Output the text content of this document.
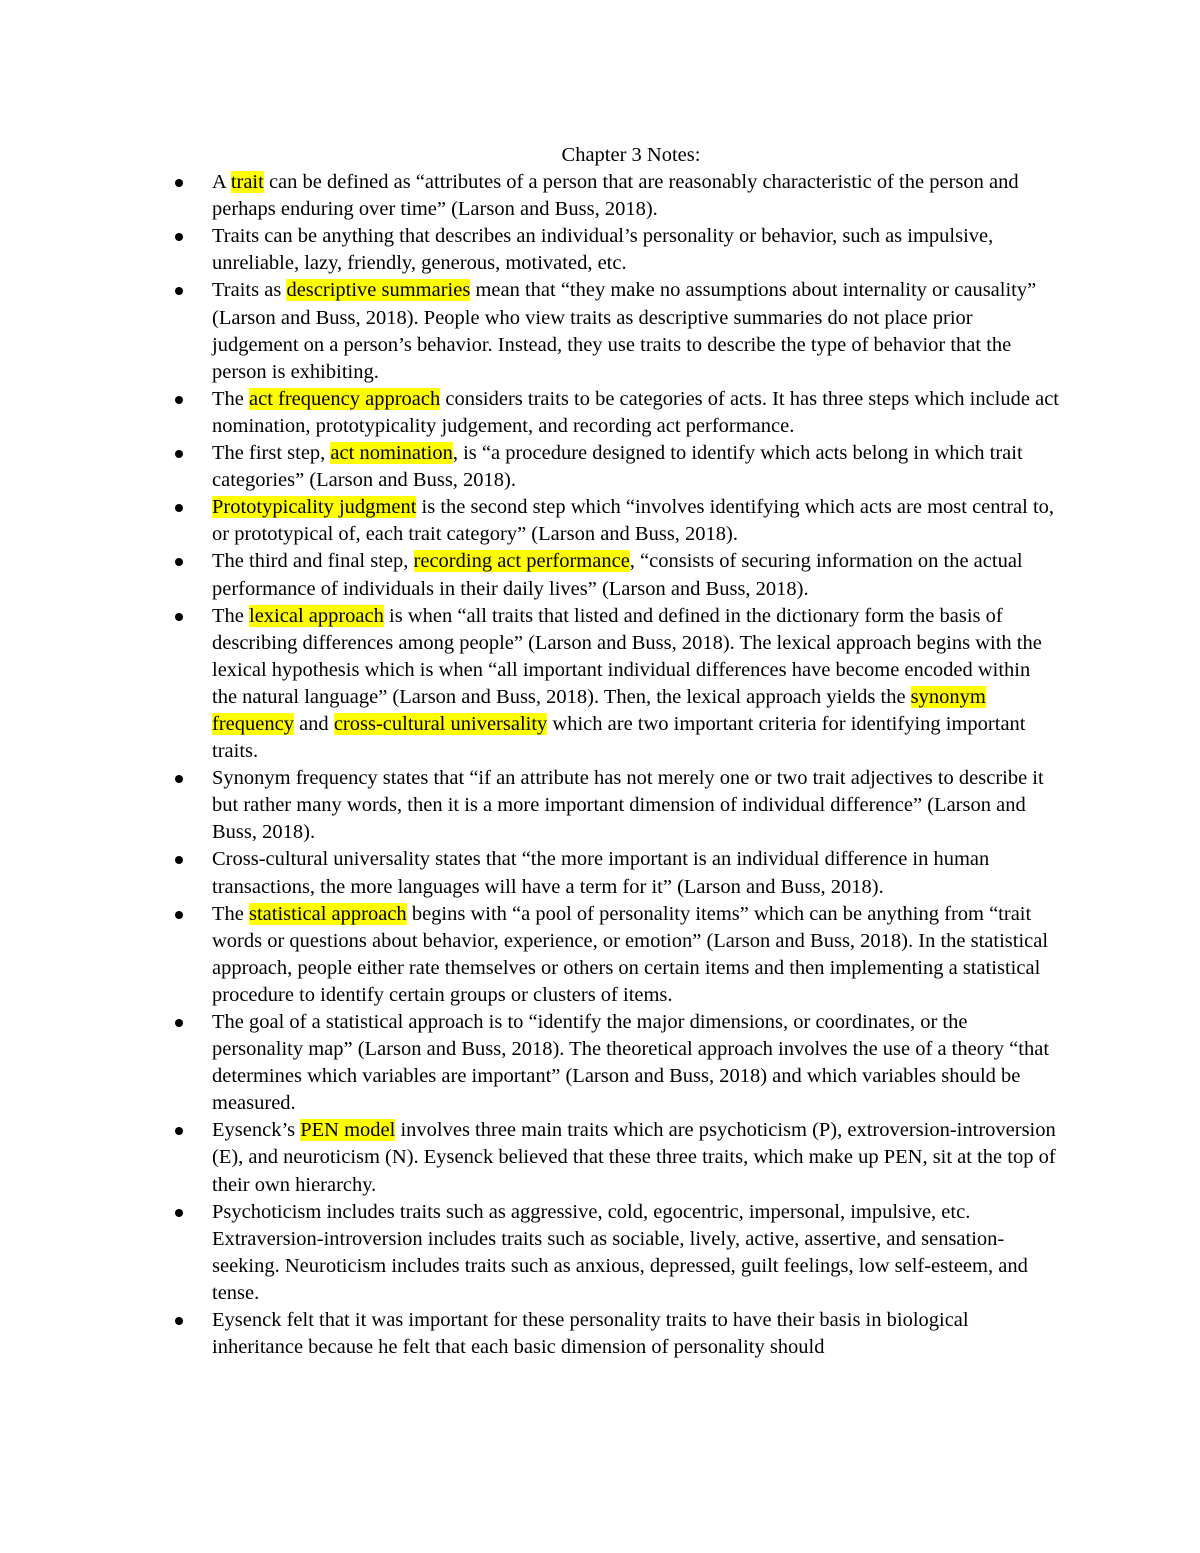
Chapter 3 Notes:
A trait can be defined as “attributes of a person that are reasonably characteristic of the person and perhaps enduring over time” (Larson and Buss, 2018).
Traits can be anything that describes an individual’s personality or behavior, such as impulsive, unreliable, lazy, friendly, generous, motivated, etc.
Traits as descriptive summaries mean that “they make no assumptions about internality or causality” (Larson and Buss, 2018). People who view traits as descriptive summaries do not place prior judgement on a person’s behavior. Instead, they use traits to describe the type of behavior that the person is exhibiting.
The act frequency approach considers traits to be categories of acts. It has three steps which include act nomination, prototypicality judgement, and recording act performance.
The first step, act nomination, is “a procedure designed to identify which acts belong in which trait categories” (Larson and Buss, 2018).
Prototypicality judgment is the second step which “involves identifying which acts are most central to, or prototypical of, each trait category” (Larson and Buss, 2018).
The third and final step, recording act performance, “consists of securing information on the actual performance of individuals in their daily lives” (Larson and Buss, 2018).
The lexical approach is when “all traits that listed and defined in the dictionary form the basis of describing differences among people” (Larson and Buss, 2018). The lexical approach begins with the lexical hypothesis which is when “all important individual differences have become encoded within the natural language” (Larson and Buss, 2018). Then, the lexical approach yields the synonym frequency and cross-cultural universality which are two important criteria for identifying important traits.
Synonym frequency states that “if an attribute has not merely one or two trait adjectives to describe it but rather many words, then it is a more important dimension of individual difference” (Larson and Buss, 2018).
Cross-cultural universality states that “the more important is an individual difference in human transactions, the more languages will have a term for it” (Larson and Buss, 2018).
The statistical approach begins with “a pool of personality items” which can be anything from “trait words or questions about behavior, experience, or emotion” (Larson and Buss, 2018). In the statistical approach, people either rate themselves or others on certain items and then implementing a statistical procedure to identify certain groups or clusters of items.
The goal of a statistical approach is to “identify the major dimensions, or coordinates, or the personality map” (Larson and Buss, 2018). The theoretical approach involves the use of a theory “that determines which variables are important” (Larson and Buss, 2018) and which variables should be measured.
Eysenck’s PEN model involves three main traits which are psychoticism (P), extroversion-introversion (E), and neuroticism (N). Eysenck believed that these three traits, which make up PEN, sit at the top of their own hierarchy.
Psychoticism includes traits such as aggressive, cold, egocentric, impersonal, impulsive, etc. Extraversion-introversion includes traits such as sociable, lively, active, assertive, and sensation-seeking. Neuroticism includes traits such as anxious, depressed, guilt feelings, low self-esteem, and tense.
Eysenck felt that it was important for these personality traits to have their basis in biological inheritance because he felt that each basic dimension of personality should
